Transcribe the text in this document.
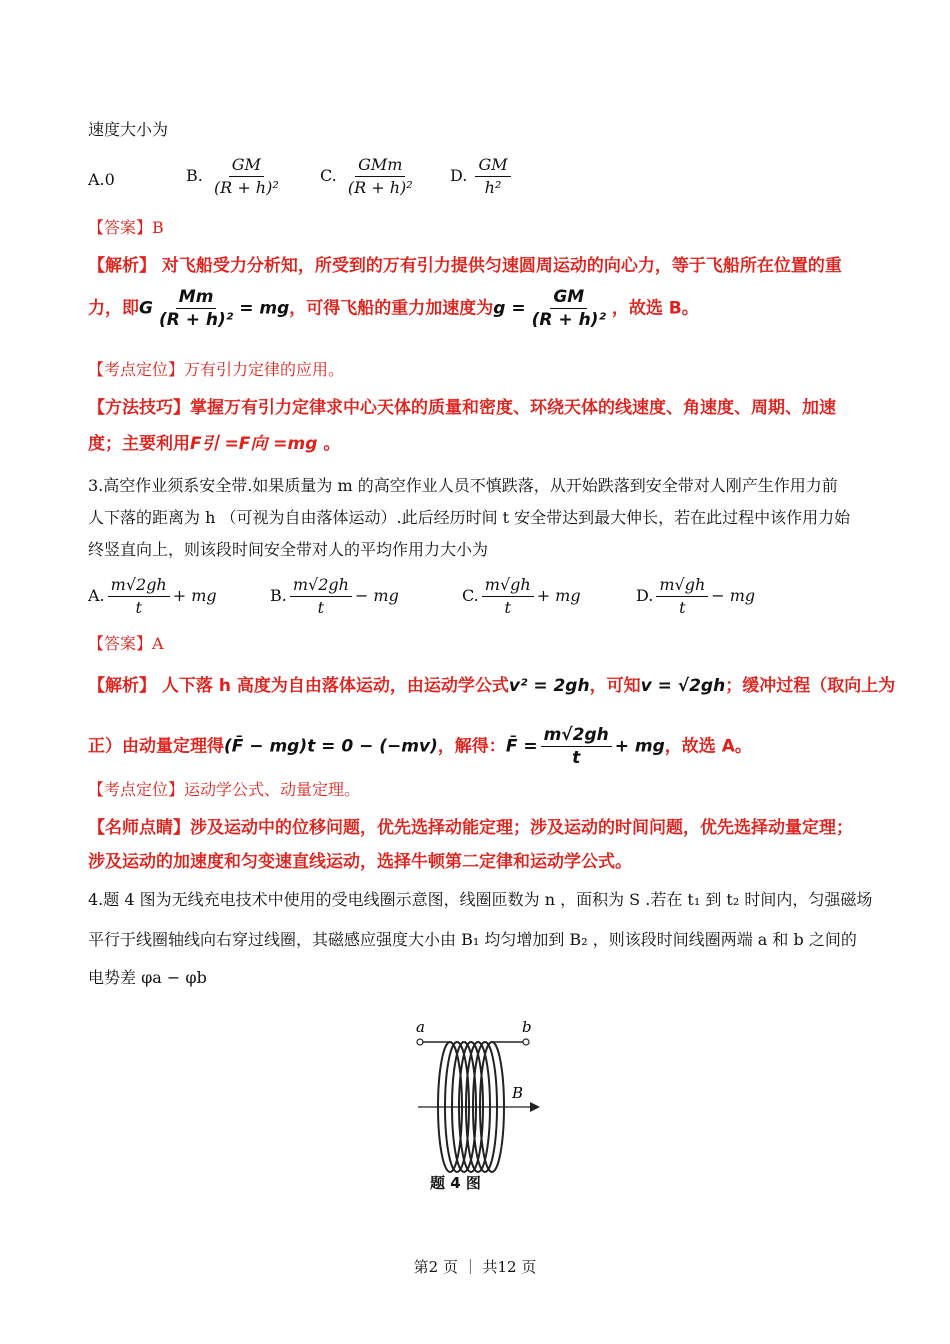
速度大小为
A.0	B. $\frac{GM}{\text{(R + h)²}} C$. $\frac{\text{GMm}}{\text{(R + h)²}} D$. $\frac{GM}{\text{h²}}$
【答案】B
【解析】 对飞船受力分析知，所受到的万有引力提供匀速圆周运动的向心力，等于飞船所在位置的重
力，即G $\frac{Mm}{\text{(R + h)²}}$ = mg，可得飞船的重力加速度为$g = \frac{GM}{\text{(R + h)²}}$ ，故选 B。
【考点定位】万有引力定律的应用。
【方法技巧】掌握万有引力定律求中心天体的质量和密度、环绕天体的线速度、角速度、周期、加速
度；主要利用F引 =F向 =mg 。
3.高空作业须系安全带.如果质量为 m 的高空作业人员不慎跌落，从开始跌落到安全带对人刚产生作用力前
人下落的距离为 h （可视为自由落体运动）.此后经历时间 t 安全带达到最大伸长，若在此过程中该作用力始
终竖直向上，则该段时间安全带对人的平均作用力大小为
A. $\frac{m√2gh}{t}$ + mg	B. $\frac{m√2gh}{t}$ − mg	C. $\frac{m√gh}{t}$ + mg	D. $\frac{m√gh}{t}$ − mg
【答案】A
【解析】 人下落 h 高度为自由落体运动，由运动学公式v² = 2gh，可知v = √2gh；缓冲过程（取向上为
正）由动量定理得(F̄ − mg)t = 0 − (−mv)，解得：F̄ = $\frac{m√2gh}{t}$ + mg，故选 A。
【考点定位】运动学公式、动量定理。
【名师点睛】涉及运动中的位移问题，优先选择动能定理；涉及运动的时间问题，优先选择动量定理；
涉及运动的加速度和匀变速直线运动，选择牛顿第二定律和运动学公式。
4.题 4 图为无线充电技术中使用的受电线圈示意图，线圈匝数为 n ，面积为 S .若在 t₁ 到 t₂ 时间内，匀强磁场
平行于线圈轴线向右穿过线圈，其磁感应强度大小由 B₁ 均匀增加到 B₂ ，则该段时间线圈两端 a 和 b 之间的
电势差 φa − φb
a	b
B
题 4 图
第2 页 ｜ 共12 页
